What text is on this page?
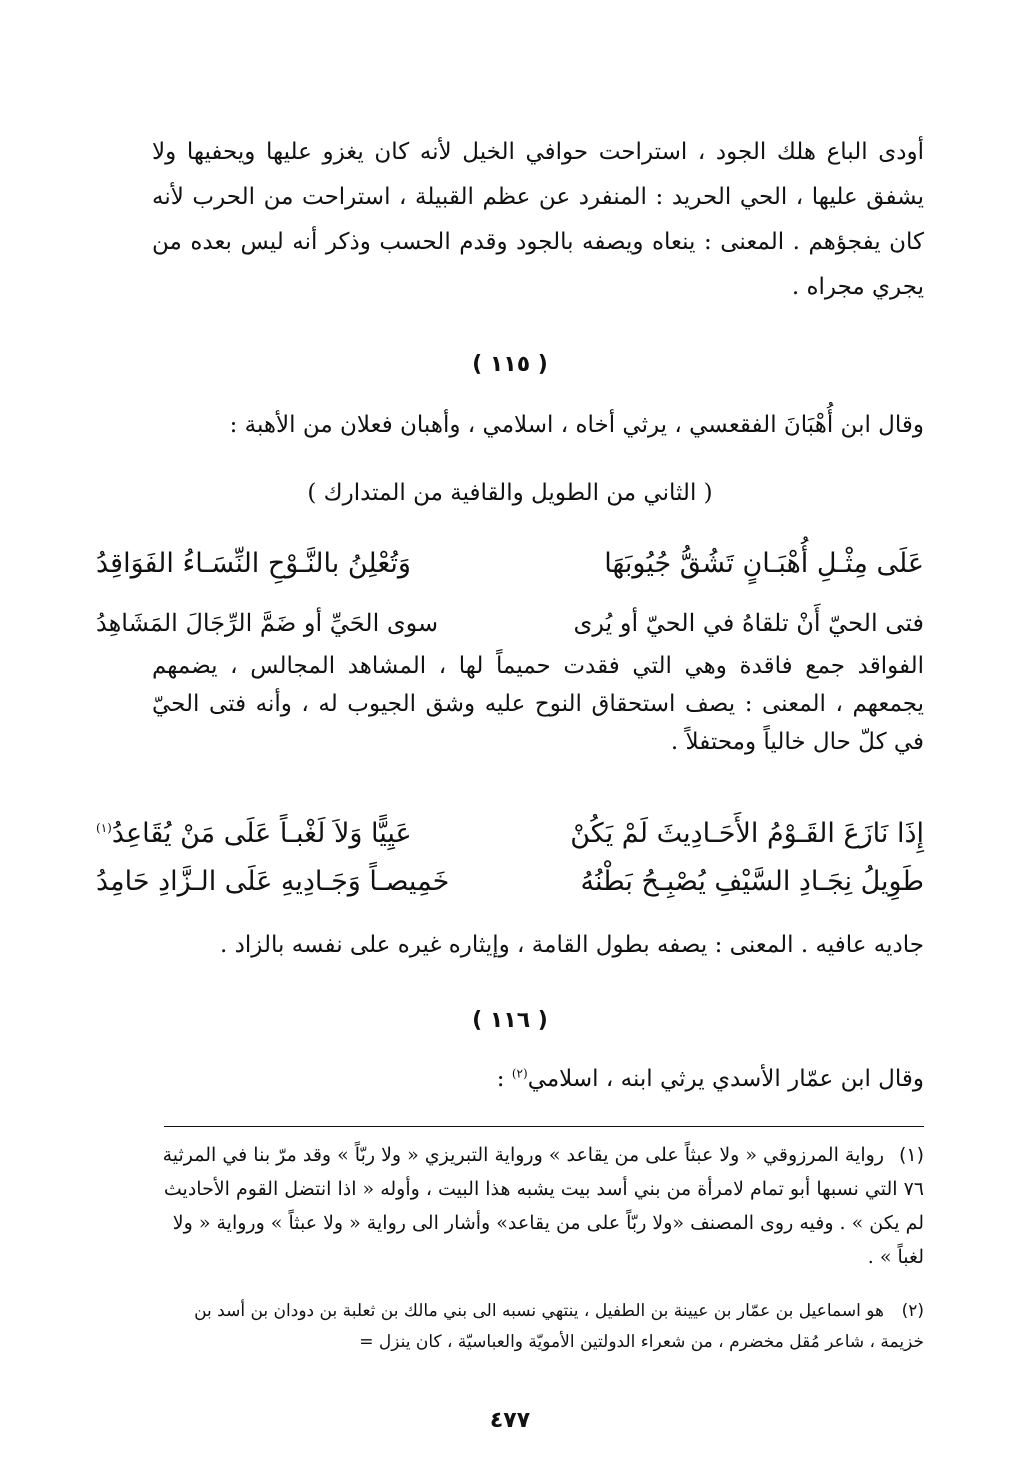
أودى الباع هلك الجود ، استراحت حوافي الخيل لأنه كان يغزو عليها ويحفيها ولا يشفق عليها ، الحي الحريد : المنفرد عن عظم القبيلة ، استراحت من الحرب لأنه كان يفجؤهم . المعنى : ينعاه ويصفه بالجود وقدم الحسب وذكر أنه ليس بعده من يجري مجراه .

( ١١٥ )
وقال ابن أُهْبَانَ الفقعسي ، يرثي أخاه ، اسلامي ، وأهبان فعلان من الأهبة :
( الثاني من الطويل والقافية من المتدارك )
عَلَى مِثْـلِ أُهْبَـانٍ تَشُقُّ جُيُوبَهَا
وَتُعْلِنُ بالنَّـوْحِ النِّسَـاءُ الفَوَاقِدُ
فتى الحيّ أَنْ تلقاهُ في الحيّ أو يُرى
سوى الحَيِّ أو ضَمَّ الرِّجَالَ المَشَاهِدُ

الفواقد جمع فاقدة وهي التي فقدت حميماً لها ، المشاهد المجالس ، يضمهم يجمعهم ، المعنى : يصف استحقاق النوح عليه وشق الجيوب له ، وأنه فتى الحيّ في كلّ حال خالياً ومحتفلاً .

إِذَا نَازَعَ القَـوْمُ الأَحَـادِيثَ لَمْ يَكُنْ
عَيِيًّا وَلاَ لَغْبـاً عَلَى مَنْ يُقَاعِدُ$^{(١)}$
طَوِيلُ نِجَـادِ السَّيْفِ يُصْبِـحُ بَطْنُهُ
خَمِيصـاً وَجَـادِيهِ عَلَى الـزَّادِ حَامِدُ
جاديه عافيه . المعنى : يصفه بطول القامة ، وإيثاره غيره على نفسه بالزاد .
( ١١٦ )
وقال ابن عمّار الأسدي يرثي ابنه ، اسلامي$^{(٢)}$ :
(١)رواية المرزوقي « ولا عبثاً على من يقاعد » ورواية التبريزي « ولا ربّاً » وقد مرّ بنا في المرثية ٧٦ التي نسبها أبو تمام لامرأة من بني أسد بيت يشبه هذا البيت ، وأوله « اذا انتضل القوم الأحاديث لم يكن » . وفيه روى المصنف «ولا ربّاً على من يقاعد» وأشار الى رواية « ولا عبثاً » ورواية « ولا لغباً » .
(٢)هو اسماعيل بن عمّار بن عيينة بن الطفيل ، ينتهي نسبه الى بني مالك بن ثعلبة بن دودان بن أسد بن خزيمة ، شاعر مُقل مخضرم ، من شعراء الدولتين الأمويّة والعباسيّة ، كان ينزل =
٤٧٧
